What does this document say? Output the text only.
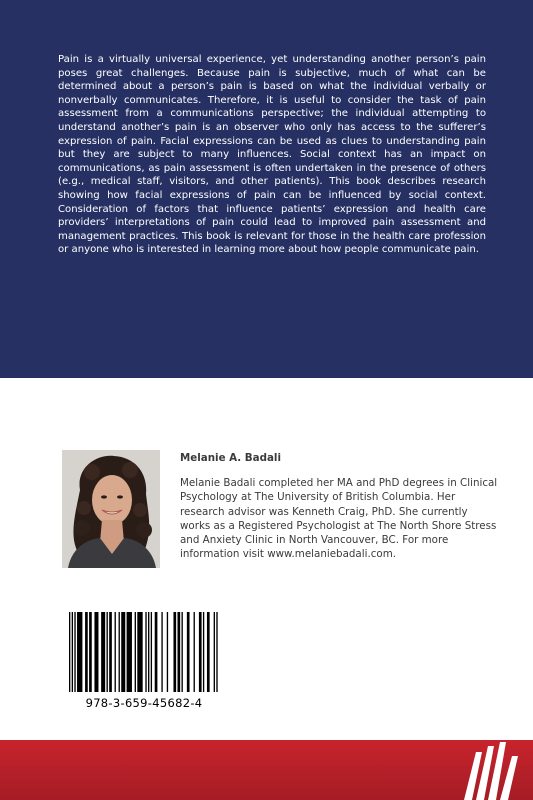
Pain is a virtually universal experience, yet understanding another person’s pain poses great challenges. Because pain is subjective, much of what can be determined about a person’s pain is based on what the individual verbally or nonverbally communicates. Therefore, it is useful to consider the task of pain assessment from a communications perspective; the individual attempting to understand another’s pain is an observer who only has access to the sufferer’s expression of pain. Facial expressions can be used as clues to understanding pain but they are subject to many influences. Social context has an impact on communications, as pain assessment is often undertaken in the presence of others (e.g., medical staff, visitors, and other patients). This book describes research showing how facial expressions of pain can be influenced by social context. Consideration of factors that influence patients’ expression and health care providers’ interpretations of pain could lead to improved pain assessment and management practices. This book is relevant for those in the health care profession or anyone who is interested in learning more about how people communicate pain.

Melanie A. Badali

Melanie Badali completed her MA and PhD degrees in Clinical Psychology at The University of British Columbia. Her research advisor was Kenneth Craig, PhD. She currently works as a Registered Psychologist at The North Shore Stress and Anxiety Clinic in North Vancouver, BC. For more information visit www.melaniebadali.com.

978-3-659-45682-4
